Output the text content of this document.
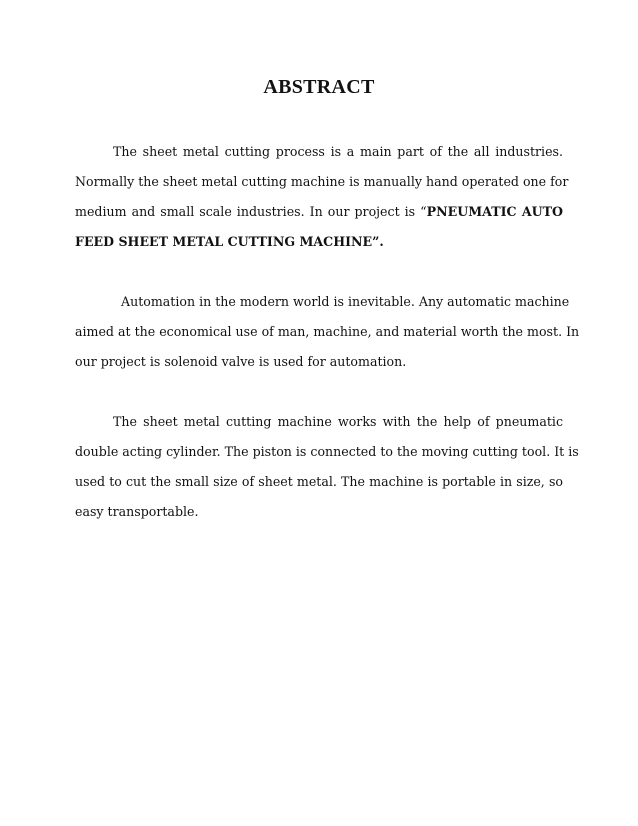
ABSTRACT
The sheet metal cutting process is a main part of the all industries.
Normally the sheet metal cutting machine is manually hand operated one for
medium and small scale industries. In our project is “PNEUMATIC AUTO
FEED SHEET METAL CUTTING MACHINE”.
Automation in the modern world is inevitable. Any automatic machine
aimed at the economical use of man, machine, and material worth the most. In
our project is solenoid valve is used for automation.
The sheet metal cutting machine works with the help of pneumatic
double acting cylinder. The piston is connected to the moving cutting tool. It is
used to cut the small size of sheet metal. The machine is portable in size, so
easy transportable.
